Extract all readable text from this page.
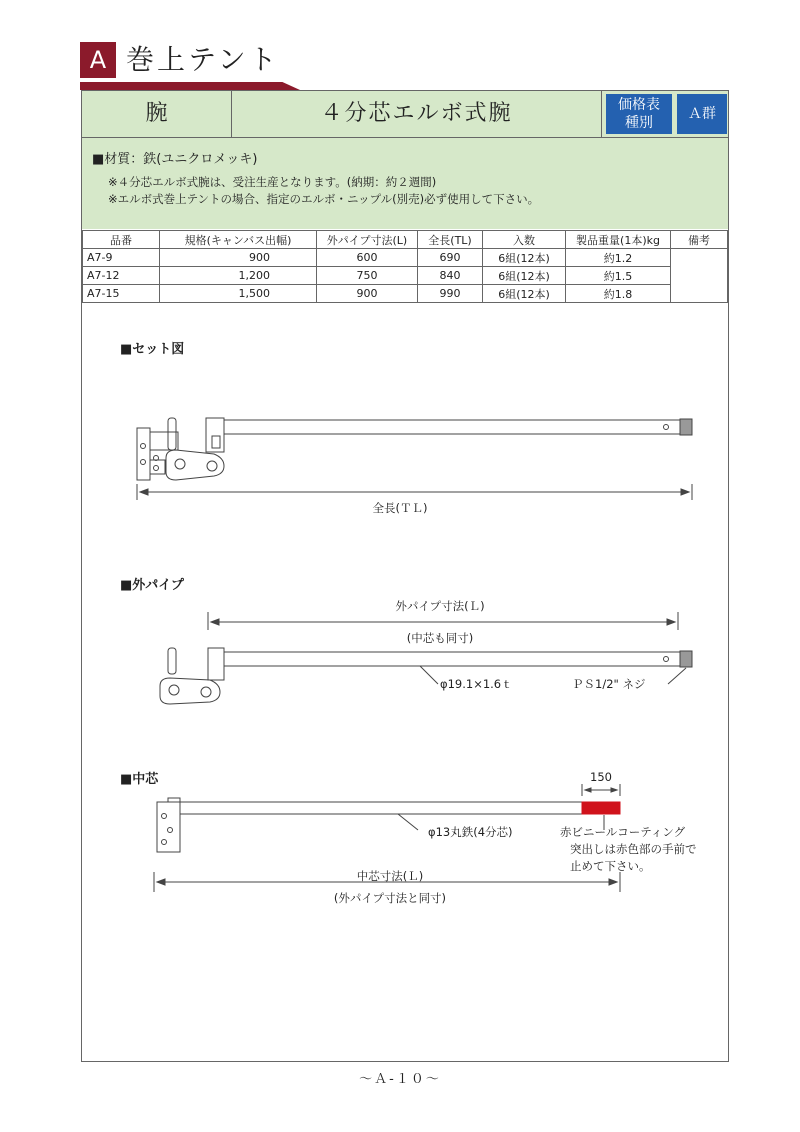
A 巻上テント
腕	４分芯エルボ式腕	価格表
種別
Ａ群
■材質：鉄(ユニクロメッキ)
※４分芯エルボ式腕は、受注生産となります。(納期：約２週間)
※エルボ式巻上テントの場合、指定のエルボ・ニップル(別売)必ず使用して下さい。
品番	規格(キャンバス出幅)	外パイプ寸法(L)	全長(TL)	入数	製品重量(1本)kg	備考
A7-9	900	600	690	6組(12本)	約1.2	
A7-12	1,200	750	840	6組(12本)	約1.5	
A7-15	1,500	900	990	6組(12本)	約1.8	
■セット図
全長(ＴＬ)
■外パイプ
外パイプ寸法(Ｌ)
(中芯も同寸)
φ19.1×1.6ｔ	ＰＳ1/2" ネジ
■中芯	150
φ13丸鉄(4分芯)	赤ビニールコーティング
突出しは赤色部の手前で
止めて下さい。
中芯寸法(Ｌ)
(外パイプ寸法と同寸)
～Ａ-１０～
